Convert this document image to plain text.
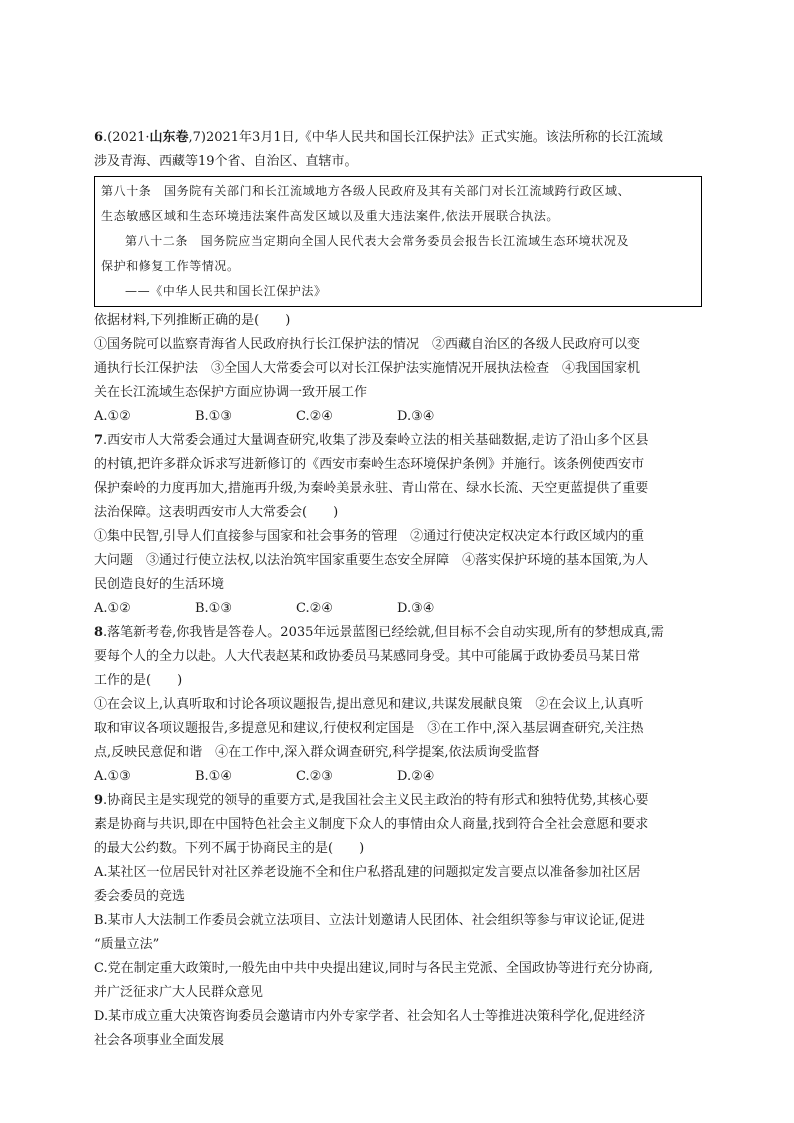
6.(2021·山东卷,7)2021年3月1日,《中华人民共和国长江保护法》正式实施。该法所称的长江流域

涉及青海、西藏等19个省、自治区、直辖市。

第八十条　国务院有关部门和长江流域地方各级人民政府及其有关部门对长江流域跨行政区域、

生态敏感区域和生态环境违法案件高发区域以及重大违法案件,依法开展联合执法。

第八十二条　国务院应当定期向全国人民代表大会常务委员会报告长江流域生态环境状况及

保护和修复工作等情况。

——《中华人民共和国长江保护法》

依据材料,下列推断正确的是(　　)

①国务院可以监察青海省人民政府执行长江保护法的情况　②西藏自治区的各级人民政府可以变

通执行长江保护法　③全国人大常委会可以对长江保护法实施情况开展执法检查　④我国国家机

关在长江流域生态保护方面应协调一致开展工作

A.①②	B.①③	C.②④	D.③④

7.西安市人大常委会通过大量调查研究,收集了涉及秦岭立法的相关基础数据,走访了沿山多个区县

的村镇,把许多群众诉求写进新修订的《西安市秦岭生态环境保护条例》并施行。该条例使西安市

保护秦岭的力度再加大,措施再升级,为秦岭美景永驻、青山常在、绿水长流、天空更蓝提供了重要

法治保障。这表明西安市人大常委会(　　)

①集中民智,引导人们直接参与国家和社会事务的管理　②通过行使决定权决定本行政区域内的重

大问题　③通过行使立法权,以法治筑牢国家重要生态安全屏障　④落实保护环境的基本国策,为人

民创造良好的生活环境

A.①②	B.①③	C.②④	D.③④

8.落笔新考卷,你我皆是答卷人。2035年远景蓝图已经绘就,但目标不会自动实现,所有的梦想成真,需

要每个人的全力以赴。人大代表赵某和政协委员马某感同身受。其中可能属于政协委员马某日常

工作的是(　　)

①在会议上,认真听取和讨论各项议题报告,提出意见和建议,共谋发展献良策　②在会议上,认真听

取和审议各项议题报告,多提意见和建议,行使权利定国是　③在工作中,深入基层调查研究,关注热

点,反映民意促和谐　④在工作中,深入群众调查研究,科学提案,依法质询受监督

A.①③	B.①④	C.②③	D.②④

9.协商民主是实现党的领导的重要方式,是我国社会主义民主政治的特有形式和独特优势,其核心要

素是协商与共识,即在中国特色社会主义制度下众人的事情由众人商量,找到符合全社会意愿和要求

的最大公约数。下列不属于协商民主的是(　　)

A.某社区一位居民针对社区养老设施不全和住户私搭乱建的问题拟定发言要点以准备参加社区居

委会委员的竞选

B.某市人大法制工作委员会就立法项目、立法计划邀请人民团体、社会组织等参与审议论证,促进

“质量立法”

C.党在制定重大政策时,一般先由中共中央提出建议,同时与各民主党派、全国政协等进行充分协商,

并广泛征求广大人民群众意见

D.某市成立重大决策咨询委员会邀请市内外专家学者、社会知名人士等推进决策科学化,促进经济

社会各项事业全面发展
